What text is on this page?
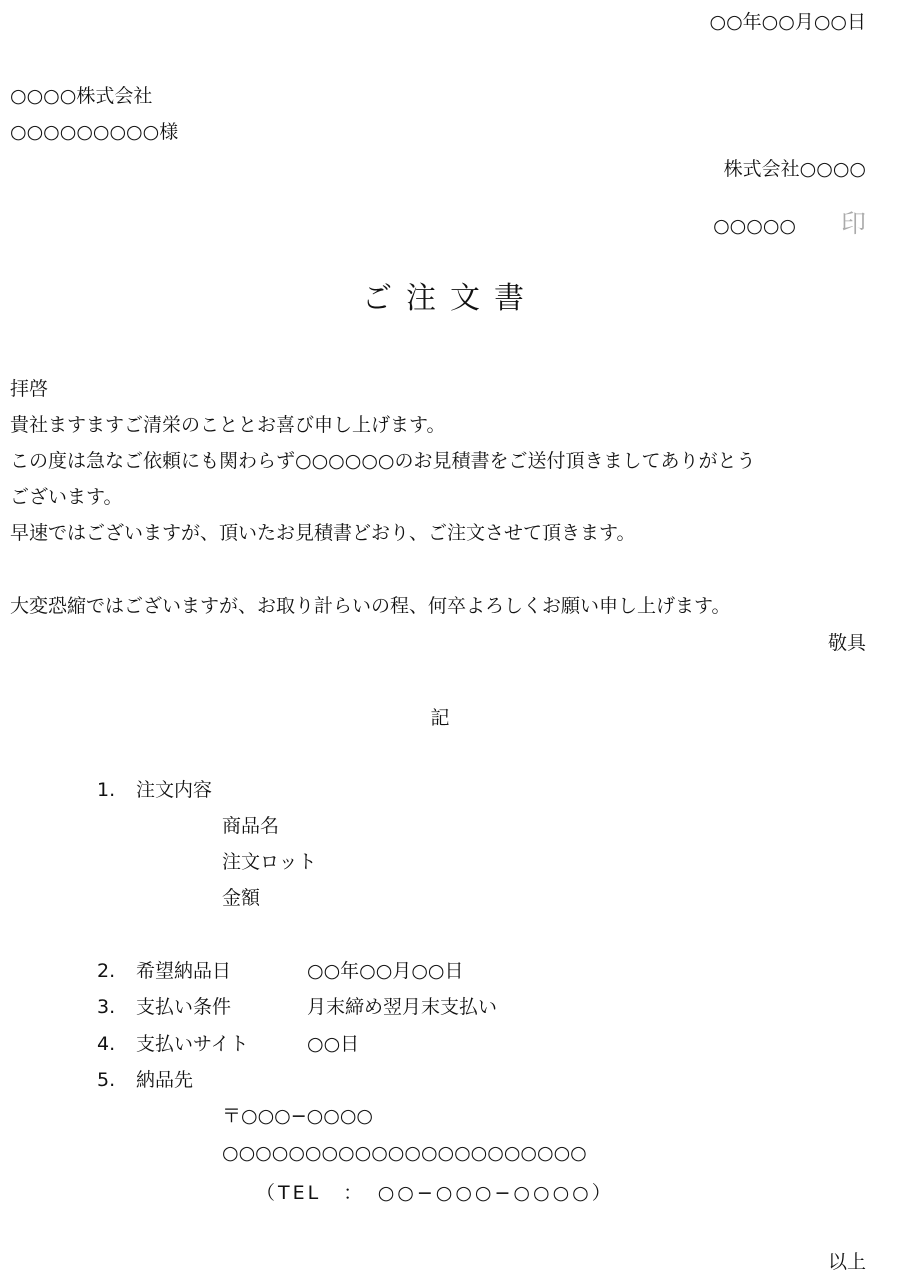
○○年○○月○○日
○○○○株式会社
○○○○○○○○○様
株式会社○○○○
○○○○○ 印
ご注文書
拝啓
貴社ますますご清栄のこととお喜び申し上げます。
この度は急なご依頼にも関わらず○○○○○○のお見積書をご送付頂きましてありがとう
ございます。
早速ではございますが、頂いたお見積書どおり、ご注文させて頂きます。
大変恐縮ではございますが、お取り計らいの程、何卒よろしくお願い申し上げます。
敬具
記
1. 注文内容
商品名
注文ロット
金額
2. 希望納品日	○○年○○月○○日
3. 支払い条件	月末締め翌月末支払い
4. 支払いサイト	○○日
5. 納品先
〒○○○−○○○○
○○○○○○○○○○○○○○○○○○○○○○
（TEL　：　○○−○○○−○○○○）
以上
